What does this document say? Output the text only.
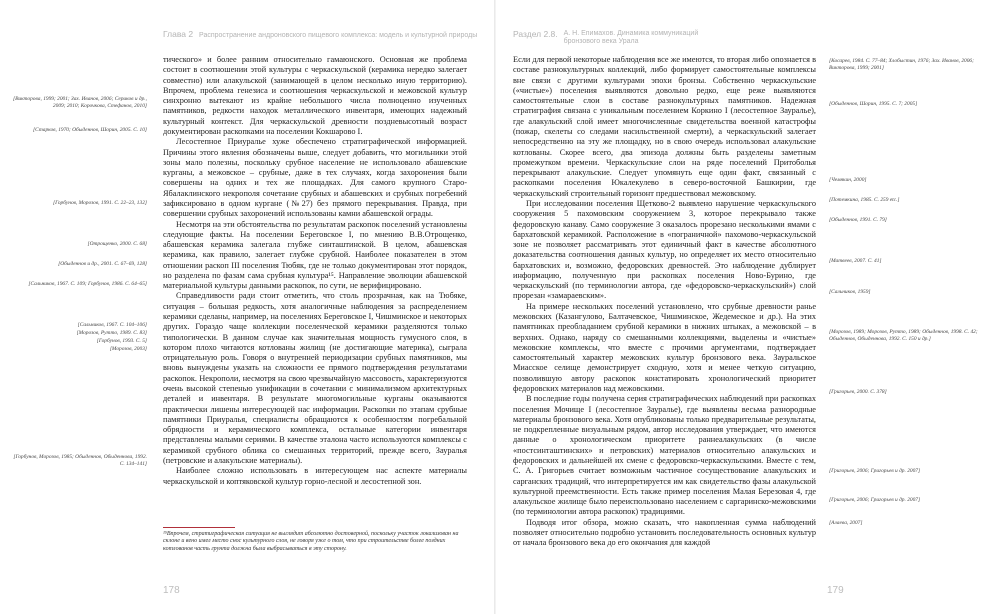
Глава 2 Распространение андроновского пищевого комплекса: модель и культурной природы

тического» и более ранним относительно гамаюнского. Основная же проблема состоит в соотношении этой культуры с черкаскульской (керамика нередко залегает совместно) или алакульской (занимающей в целом несколько иную территорию). Впрочем, проблема генезиса и соотношения черкаскульской и межовской культур синхронно вытекают из крайне небольшого числа полноценно изученных памятников, редкости находок металлического инвентаря, имеющих надежный культурный контекст. Для черкаскульской древности поздневысотный возраст документирован раскопками на поселении Кокшарово I.

Лесостепное Приуралье хуже обеспечено стратиграфической информацией. Причины этого явления обозначены выше, следует добавить, что могильники этой зоны мало полезны, поскольку срубное население не использовало абашевские курганы, а межовское – срубные, даже в тех случаях, когда захоронения были совершены на одних и тех же площадках. Для самого крупного Старо-Ябалаклинского некрополя сочетание срубных и абашевских и срубных погребений зафиксировано в одном кургане (№27) без прямого перекрывания. Правда, при совершении срубных захоронений использованы камни абашевской ограды.

Несмотря на эти обстоятельства по результатам раскопок поселений установлены следующие факты. На поселении Береговское I, по мнению В.В.Отрощенко, абашевская керамика залегала глубже синташтинской. В целом, абашевская керамика, как правило, залегает глубже срубной. Наиболее показателен в этом отношении раскоп III поселения Тюбяк, где не только документирован этот порядок, но разделена по фазам сама срубная культура¹⁵. Направление эволюции абашевской материальной культуры данными раскопок, по сути, не верифицировано.

Справедливости ради стоит отметить, что столь прозрачная, как на Тюбяке, ситуация – большая редкость, хотя аналогичные наблюдения за распределением керамики сделаны, например, на поселениях Береговское I, Чишминское и некоторых других. Гораздо чаще коллекции поселенческой керамики разделяются только типологически. В данном случае как значительная мощность гумусного слоя, в котором плохо читаются котлованы жилищ (не достигающие материка), сыграла отрицательную роль. Говоря о внутренней периодизации срубных памятников, мы вновь вынуждены указать на сложности ее прямого подтверждения результатами раскопок. Некрополи, несмотря на свою чрезвычайную массовость, характеризуются очень высокой степенью унификации в сочетании с минимализмом архитектурных деталей и инвентаря. В результате многомогильные курганы оказываются практически лишены интересующей нас информации. Раскопки по этапам срубные памятники Приуралья, специалисты обращаются к особенностям погребальной обрядности и керамического комплекса, остальные категории инвентаря представлены малыми сериями. В качестве эталона часто используются комплексы с керамикой срубного облика со смешанных территорий, прежде всего, Зауралья (петровские и алакульские материалы).

Наиболее сложно использовать в интересующем нас аспекте материалы черкаскульской и коптяковской культур горно-лесной и лесостепной зон.

[Викторова, 1999; 2001; Зах. Иванов, 2006; Сериков и др., 2009; 2010; Корочкова, Стефанов, 2010]
[Старков, 1970; Обыденнов, Шорин, 2005. С. 10]
[Горбунов, Морозов, 1991. С. 22–23, 132]
[Отрощенко, 2000. С. 68]
[Обыденнов и др., 2001. С. 67–69, 128]
[Сальников, 1967. С. 109; Горбунов, 1986. С. 64–65]
[Сальников, 1967. С. 104–106]
[Морозов, Рутто, 1989. С. 83]
[Горбунов, 1993. С. 5]
[Морозов, 2003]
[Горбунов, Морозов, 1985; Обыденнов, Обыденнова, 1992. С. 134–141]
¹⁵Впрочем, стратиграфическая ситуация не выглядит абсолютно достоверной, поскольку участок локализован на склоне и вено имел место снос культурного слоя, не говоря уже о том, что при строительстве более поздних котлованов часть грунта должна была выбрасываться в эту сторону.
178
Раздел 2.8. А. Н. Епимахов. Динамика коммуникаций бронзового века Урала

Если для первой некоторые наблюдения все же имеются, то вторая либо опознается в составе разнокультурных коллекций, либо формирует самостоятельные комплексы вне связи с другими культурами эпохи бронзы. Собственно черкаскульские («чистые») поселения выявляются довольно редко, еще реже выявляются самостоятельные слои в составе разнокультурных памятников. Надежная стратиграфия связана с уникальным поселением Коркино I (лесостепное Зауралье), где алакульский слой имеет многочисленные свидетельства военной катастрофы (пожар, скелеты со следами насильственной смерти), а черкаскульский залегает непосредственно на эту же площадку, но в свою очередь использовал алакульские котлованы. Скорее всего, два эпизода должны быть разделены заметным промежутком времени. Черкаскульские слои на ряде поселений Притоболья перекрывают алакульские. Следует упомянуть еще один факт, связанный с раскопками поселения Юкалекулево в северо-восточной Башкирии, где черкаскульский строительный горизонт предшествовал межовскому.

При исследовании поселения Щетково-2 выявлено нарушение черкаскульского сооружения 5 пахомовским сооружением 3, которое перекрывало также федоровскую канаву. Само сооружение 3 оказалось прорезано несколькими ямами с бархатовской керамикой. Расположение в «пограничной» пахомово-черкаскульской зоне не позволяет рассматривать этот единичный факт в качестве абсолютного доказательства соотношения данных культур, но определяет их место относительно бархатовских и, возможно, федоровских древностей. Это наблюдение дублирует информацию, полученную при раскопках поселения Ново-Бурино, где черкаскульский (по терминологии автора, где «федоровско-черкаскульский») слой прорезан «замараевским».

На примере нескольких поселений установлено, что срубные древности ранье межовских (Казангулово, Балтачевское, Чишминское, Жедемеское и др.). На этих памятниках преобладанием срубной керамики в нижних штыках, а межовской – в верхних. Однако, наряду со смешанными коллекциями, выделены и «чистые» межовские комплексы, что вместе с прочими аргументами, подтверждает самостоятельный характер межовских культур бронзового века. Зауральское Миасское селище демонстрирует сходную, хотя и менее четкую ситуацию, позволившую автору раскопок констатировать хронологический приоритет федоровских материалов над межовскими.

В последние годы получена серия стратиграфических наблюдений при раскопках поселения Мочище I (лесостепное Зауралье), где выявлены весьма разнородные материалы бронзового века. Хотя опубликованы только предварительные результаты, не подкрепленные визуальным рядом, автор исследования утверждает, что имеются данные о хронологическом приоритете раннеалакульских (в числе «постсинташтинских» и петровских) материалов относительно алакульских и федоровских и дальнейшей их смене с федоровско-черкаскульскими. Вместе с тем, С. А. Григорьев считает возможным частичное сосуществование алакульских и сарганских традиций, что интерпретируется им как свидетельство фазы алакульской культурной преемственности. Есть также пример поселения Малая Березовая 4, где алакульское жилище было переиспользовано населением с саргаринско-межовскими (по терминологии автора раскопок) традициями.

Подводя итог обзора, можно сказать, что накопленная сумма наблюдений позволяет относительно подробно установить последовательность основных культур от начала бронзового века до его окончания для каждой

[Косарев, 1984. С. 77–84; Хлобыстин, 1976; Зах. Иванов, 2006; Викторова, 1999; 2001]
[Обыденнов, Шорин, 1995. С. 7; 2005]
[Чемякин, 2000]
[Потемкина, 1985. С. 259 etc.]
[Обыденнов, 1991. С. 79]
[Матвеев, 2007. С. 41]
[Сальников, 1959]
[Морозов, 1989; Морозов, Рутто, 1989; Обыденнов, 1998. С. 42; Обыденнов, Обыденнова, 1992. С. 150 и др.]
[Григорьев, 2000. С. 378]
[Григорьев, 2006; Григорьев и др. 2007]
[Григорьев, 2006; Григорьев и др. 2007]
[Алаева, 2007]
179
